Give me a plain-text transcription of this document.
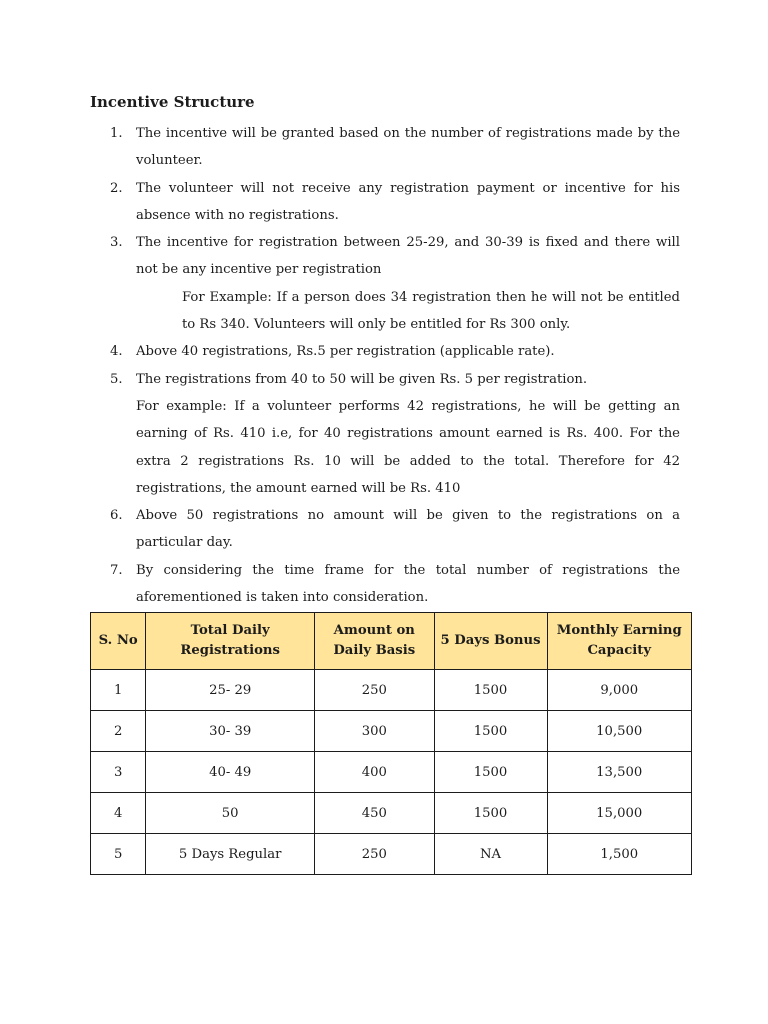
Incentive Structure
1.	The incentive will be granted based on the number of registrations made by the volunteer.
2.	The volunteer will not receive any registration payment or incentive for his absence with no registrations.
3.	The incentive for registration between 25-29, and 30-39 is fixed and there will not be any incentive per registration
For Example: If a person does 34 registration then he will not be entitled to Rs 340. Volunteers will only be entitled for Rs 300 only.
4.	Above 40 registrations, Rs.5 per registration (applicable rate).
5.	The registrations from 40 to 50 will be given Rs. 5 per registration.
For example: If a volunteer performs 42 registrations, he will be getting an earning of Rs. 410 i.e, for 40 registrations amount earned is Rs. 400. For the extra 2 registrations Rs. 10 will be added to the total. Therefore for 42 registrations, the amount earned will be Rs. 410
6.	Above 50 registrations no amount will be given to the registrations on a particular day.
7.	By considering the time frame for the total number of registrations the aforementioned is taken into consideration.
S. No	Total Daily Registrations	Amount on Daily Basis	5 Days Bonus	Monthly Earning Capacity
1	25- 29	250	1500	9,000
2	30- 39	300	1500	10,500
3	40- 49	400	1500	13,500
4	50	450	1500	15,000
5	5 Days Regular	250	NA	1,500
